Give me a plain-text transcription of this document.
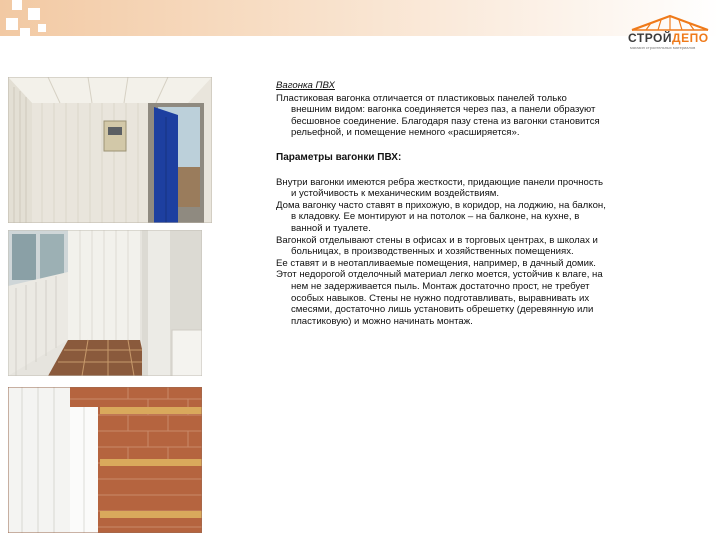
СТРОЙДЕПО
магазин строительных материалов

Вагонка ПВХ

Пластиковая вагонка отличается от пластиковых панелей только внешним видом: вагонка соединяется через паз, а панели образуют бесшовное соединение. Благодаря пазу стена из вагонки становится рельефной, и помещение немного «расширяется».

Параметры вагонки ПВХ:

Внутри вагонки имеются ребра жесткости, придающие панели прочность и устойчивость к механическим воздействиям.

Дома вагонку часто ставят в прихожую, в коридор, на лоджию, на балкон, в кладовку. Ее монтируют и на потолок – на балконе, на кухне, в ванной и туалете.

Вагонкой отделывают стены в офисах и в торговых центрах, в школах и больницах, в производственных и хозяйственных помещениях.

Ее ставят и в неотапливаемые помещения, например, в дачный домик.

Этот недорогой отделочный материал легко моется, устойчив к влаге, на нем не задерживается пыль. Монтаж достаточно прост, не требует особых навыков. Стены не нужно подготавливать, выравнивать их смесями, достаточно лишь установить обрешетку (деревянную или пластиковую) и можно начинать монтаж.
